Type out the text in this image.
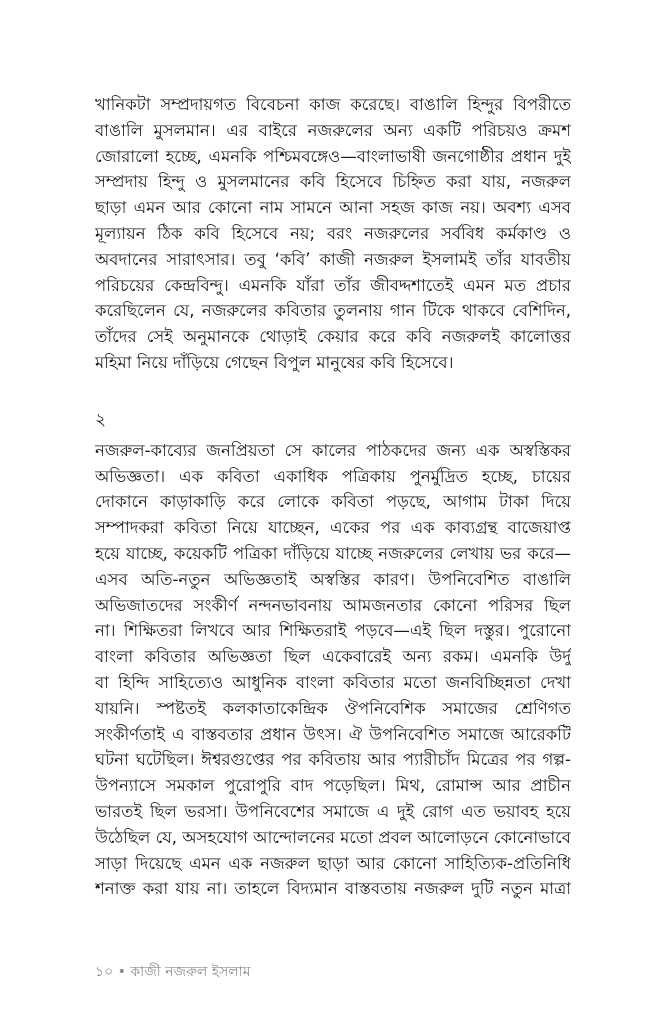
খানিকটা সম্প্রদায়গত বিবেচনা কাজ করেছে। বাঙালি হিন্দুর বিপরীতে
বাঙালি মুসলমান। এর বাইরে নজরুলের অন্য একটি পরিচয়ও ক্রমশ
জোরালো হচ্ছে, এমনকি পশ্চিমবঙ্গেও—বাংলাভাষী জনগোষ্ঠীর প্রধান দুই
সম্প্রদায় হিন্দু ও মুসলমানের কবি হিসেবে চিহ্নিত করা যায়, নজরুল
ছাড়া এমন আর কোনো নাম সামনে আনা সহজ কাজ নয়। অবশ্য এসব
মূল্যায়ন ঠিক কবি হিসেবে নয়; বরং নজরুলের সর্ববিধ কর্মকাণ্ড ও
অবদানের সারাৎসার। তবু ‘কবি’ কাজী নজরুল ইসলামই তাঁর যাবতীয়
পরিচয়ের কেন্দ্রবিন্দু। এমনকি যাঁরা তাঁর জীবদ্দশাতেই এমন মত প্রচার
করেছিলেন যে, নজরুলের কবিতার তুলনায় গান টিকে থাকবে বেশিদিন,
তাঁদের সেই অনুমানকে থোড়াই কেয়ার করে কবি নজরুলই কালোত্তর
মহিমা নিয়ে দাঁড়িয়ে গেছেন বিপুল মানুষের কবি হিসেবে।
২
নজরুল-কাব্যের জনপ্রিয়তা সে কালের পাঠকদের জন্য এক অস্বস্তিকর
অভিজ্ঞতা। এক কবিতা একাধিক পত্রিকায় পুনর্মুদ্রিত হচ্ছে, চায়ের
দোকানে কাড়াকাড়ি করে লোকে কবিতা পড়ছে, আগাম টাকা দিয়ে
সম্পাদকরা কবিতা নিয়ে যাচ্ছেন, একের পর এক কাব্যগ্রন্থ বাজেয়াপ্ত
হয়ে যাচ্ছে, কয়েকটি পত্রিকা দাঁড়িয়ে যাচ্ছে নজরুলের লেখায় ভর করে—
এসব অতি-নতুন অভিজ্ঞতাই অস্বস্তির কারণ। উপনিবেশিত বাঙালি
অভিজাতদের সংকীর্ণ নন্দনভাবনায় আমজনতার কোনো পরিসর ছিল
না। শিক্ষিতরা লিখবে আর শিক্ষিতরাই পড়বে—এই ছিল দস্তুর। পুরোনো
বাংলা কবিতার অভিজ্ঞতা ছিল একেবারেই অন্য রকম। এমনকি উর্দু
বা হিন্দি সাহিত্যেও আধুনিক বাংলা কবিতার মতো জনবিচ্ছিন্নতা দেখা
যায়নি। স্পষ্টতই কলকাতাকেন্দ্রিক ঔপনিবেশিক সমাজের শ্রেণিগত
সংকীর্ণতাই এ বাস্তবতার প্রধান উৎস। ঐ উপনিবেশিত সমাজে আরেকটি
ঘটনা ঘটেছিল। ঈশ্বরগুপ্তের পর কবিতায় আর প্যারীচাঁদ মিত্রের পর গল্প-
উপন্যাসে সমকাল পুরোপুরি বাদ পড়েছিল। মিথ, রোমান্স আর প্রাচীন
ভারতই ছিল ভরসা। উপনিবেশের সমাজে এ দুই রোগ এত ভয়াবহ হয়ে
উঠেছিল যে, অসহযোগ আন্দোলনের মতো প্রবল আলোড়নে কোনোভাবে
সাড়া দিয়েছে এমন এক নজরুল ছাড়া আর কোনো সাহিত্যিক-প্রতিনিধি
শনাক্ত করা যায় না। তাহলে বিদ্যমান বাস্তবতায় নজরুল দুটি নতুন মাত্রা
১০ • কাজী নজরুল ইসলাম
